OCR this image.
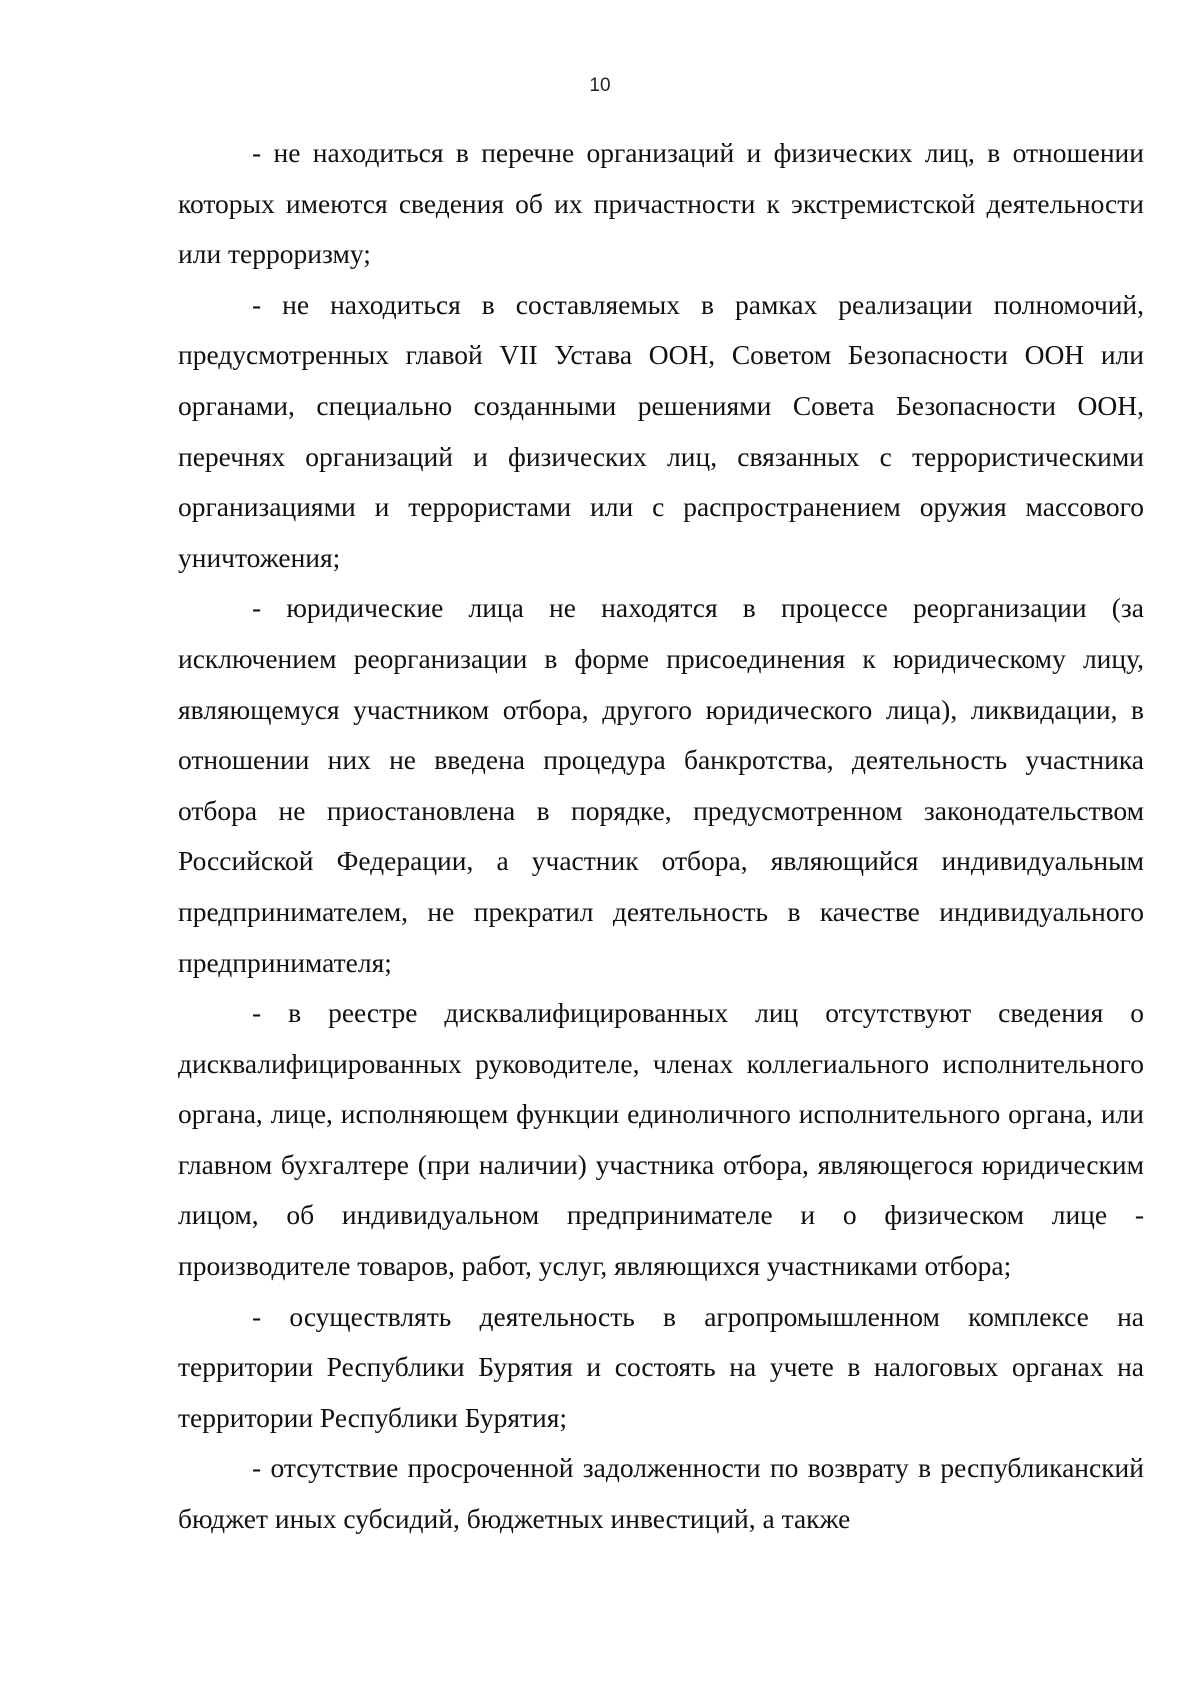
10

- не находиться в перечне организаций и физических лиц, в отношении которых имеются сведения об их причастности к экстремистской деятельности или терроризму;

- не находиться в составляемых в рамках реализации полномочий, предусмотренных главой VII Устава ООН, Советом Безопасности ООН или органами, специально созданными решениями Совета Безопасности ООН, перечнях организаций и физических лиц, связанных с террористическими организациями и террористами или с распространением оружия массового уничтожения;

- юридические лица не находятся в процессе реорганизации (за исключением реорганизации в форме присоединения к юридическому лицу, являющемуся участником отбора, другого юридического лица), ликвидации, в отношении них не введена процедура банкротства, деятельность участника отбора не приостановлена в порядке, предусмотренном законодательством Российской Федерации, а участник отбора, являющийся индивидуальным предпринимателем, не прекратил деятельность в качестве индивидуального предпринимателя;

- в реестре дисквалифицированных лиц отсутствуют сведения о дисквалифицированных руководителе, членах коллегиального исполнительного органа, лице, исполняющем функции единоличного исполнительного органа, или главном бухгалтере (при наличии) участника отбора, являющегося юридическим лицом, об индивидуальном предпринимателе и о физическом лице - производителе товаров, работ, услуг, являющихся участниками отбора;

- осуществлять деятельность в агропромышленном комплексе на территории Республики Бурятия и состоять на учете в налоговых органах на территории Республики Бурятия;

- отсутствие просроченной задолженности по возврату в республиканский бюджет иных субсидий, бюджетных инвестиций, а также
